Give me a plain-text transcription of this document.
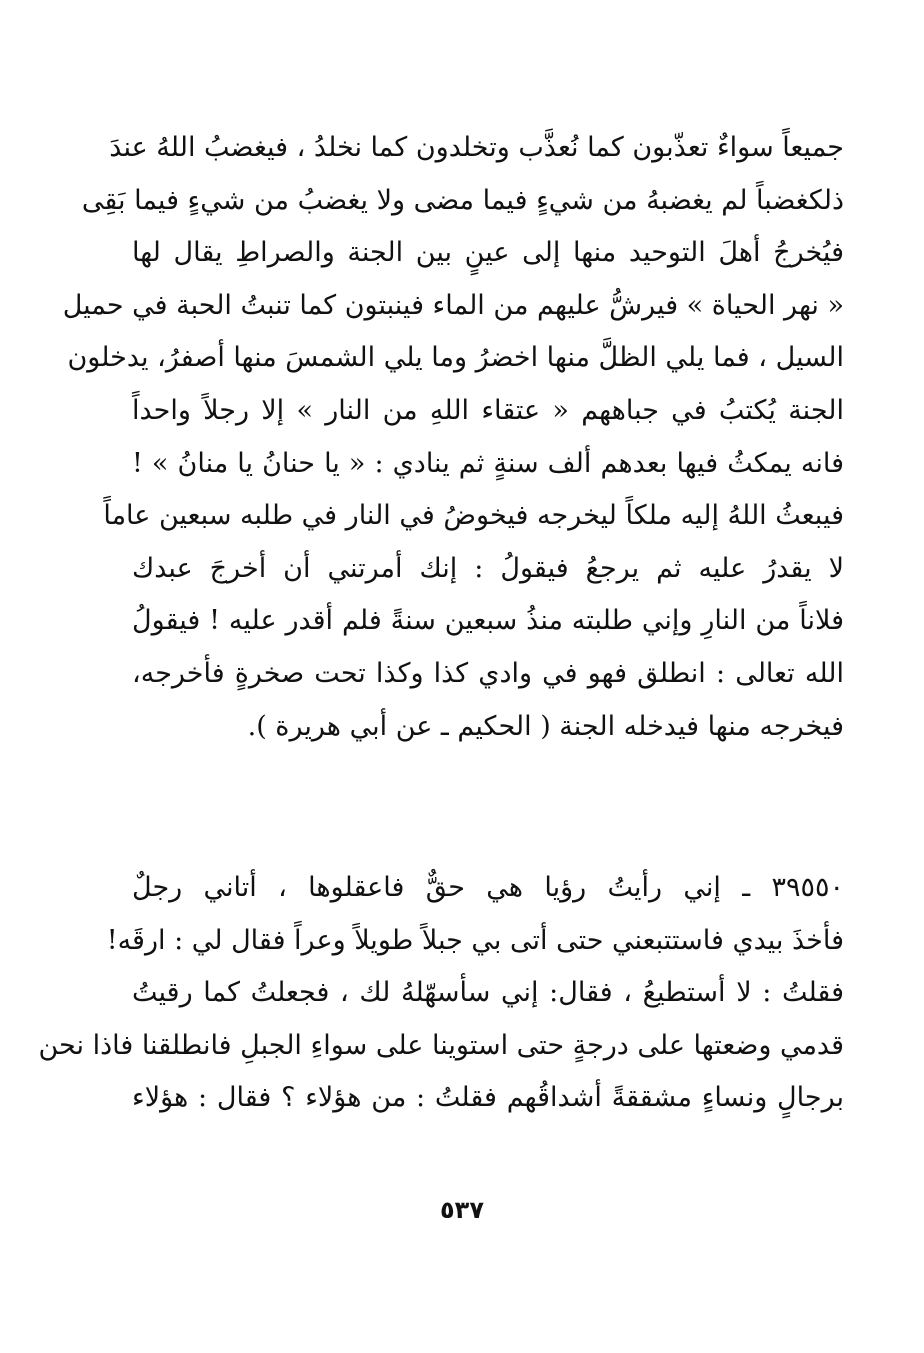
جميعاً سواءٌ تعذّبون كما نُعذَّب وتخلدون كما نخلدُ ، فيغضبُ اللهُ عندَ
ذلكغضباً لم يغضبهُ من شيءٍ فيما مضى ولا يغضبُ من شيءٍ فيما بَقِى
فيُخرجُ أهلَ التوحيد منها إلى عينٍ بين الجنة والصراطِ يقال لها
« نهر الحياة » فيرشُّ عليهم من الماء فينبتون كما تنبتُ الحبة في حميل
السيل ، فما يلي الظلَّ منها اخضرُ وما يلي الشمسَ منها أصفرُ، يدخلون
الجنة يُكتبُ في جباههم « عتقاء اللهِ من النار » إلا رجلاً واحداً
فانه يمكثُ فيها بعدهم ألف سنةٍ ثم ينادي : « يا حنانُ يا منانُ » !
فيبعثُ اللهُ إليه ملكاً ليخرجه فيخوضُ في النار في طلبه سبعين عاماً
لا يقدرُ عليه ثم يرجعُ فيقولُ : إنك أمرتني أن أخرجَ عبدك
فلاناً من النارِ وإني طلبته منذُ سبعين سنةً فلم أقدر عليه ! فيقولُ
الله تعالى : انطلق فهو في وادي كذا وكذا تحت صخرةٍ فأخرجه،
فيخرجه منها فيدخله الجنة ( الحكيم ـ عن أبي هريرة ).
٣٩٥٥٠ ـ إني رأيتُ رؤيا هي حقٌّ فاعقلوها ، أتاني رجلٌ
فأخذَ بيدي فاستتبعني حتى أتى بي جبلاً طويلاً وعراً فقال لي : ارقَه!
فقلتُ : لا أستطيعُ ، فقال: إني سأسهّلهُ لك ، فجعلتُ كما رقيتُ
قدمي وضعتها على درجةٍ حتى استوينا على سواءِ الجبلِ فانطلقنا فاذا نحن
برجالٍ ونساءٍ مشققةً أشداقُهم فقلتُ : من هؤلاء ؟ فقال : هؤلاء
٥٣٧
